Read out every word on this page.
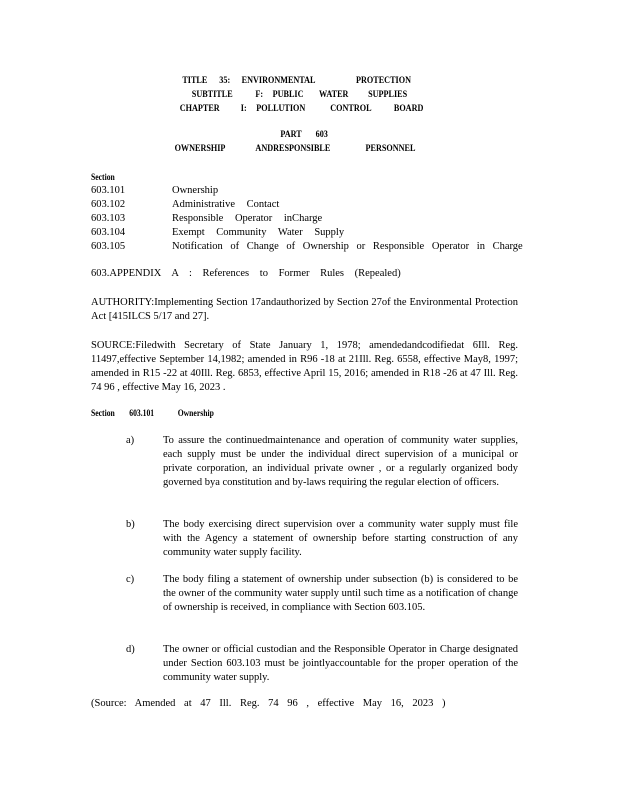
TITLE 35: ENVIRONMENTAL	PROTECTION
SUBTITLE F: PUBLIC WATER SUPPLIES
CHAPTER I: POLLUTION	CONTROL BOARD
PART 603
OWNERSHIP	ANDRESPONSIBLE	PERSONNEL
Section
603.101	Ownership
603.102	Administrative Contact
603.103	Responsible Operator inCharge
603.104	Exempt Community Water Supply
603.105	Notification of Change of Ownership or Responsible Operator in Charge
603.APPENDIX A : References to Former Rules (Repealed)
AUTHORITY:Implementing Section 17andauthorized by Section 27of the Environmental Protection Act [415ILCS 5/17 and 27].
SOURCE:Filedwith Secretary of State January 1, 1978; amendedandcodifiedat 6Ill. Reg. 11497,effective September 14,1982; amended in R96 -18 at 21Ill. Reg. 6558, effective May8, 1997; amended in R15 -22 at 40Ill. Reg. 6853, effective April 15, 2016; amended in R18 -26 at 47 Ill. Reg. 74 96 , effective May 16, 2023 .
Section 603.101	Ownership
a)	To assure the continuedmaintenance and operation of community water supplies, each supply must be under the individual direct supervision of a municipal or private corporation, an individual private owner , or a regularly organized body governed bya constitution and by-laws requiring the regular election of officers.
b)	The body exercising direct supervision over a community water supply must file with the Agency a statement of ownership before starting construction of any community water supply facility.
c)	The body filing a statement of ownership under subsection (b) is considered to be the owner of the community water supply until such time as a notification of change of ownership is received, in compliance with Section 603.105.
d)	The owner or official custodian and the Responsible Operator in Charge designated under Section 603.103 must be jointlyaccountable for the proper operation of the community water supply.
(Source: Amended at 47 Ill. Reg. 74 96 , effective May 16, 2023 )
